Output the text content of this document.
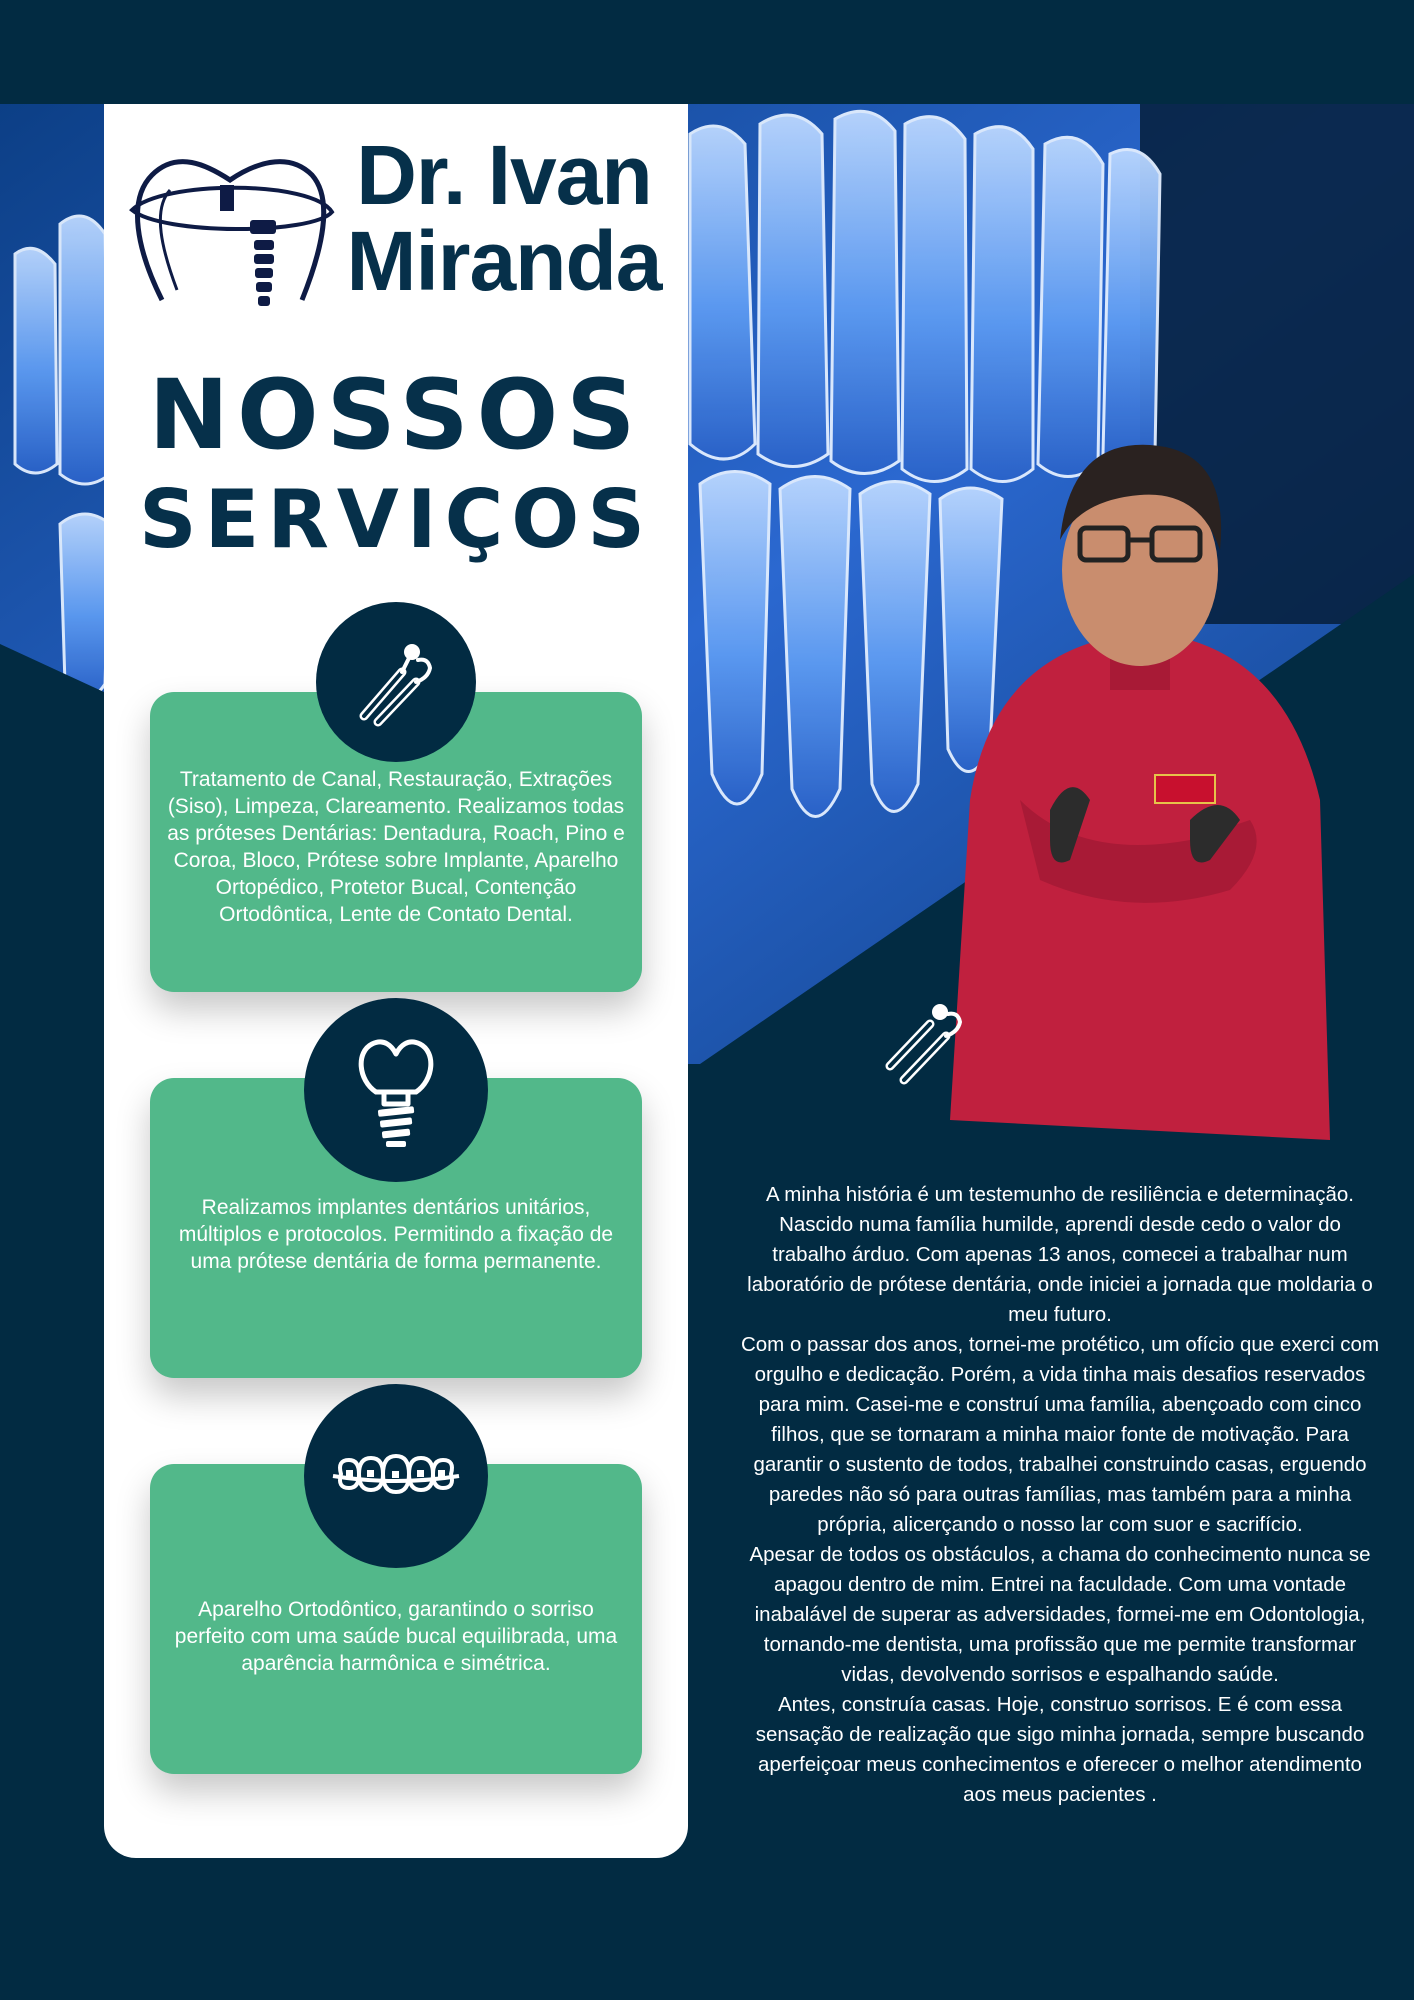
Dr. Ivan
Miranda
NOSSOS
SERVIÇOS
Tratamento de Canal, Restauração, Extrações (Siso), Limpeza, Clareamento. Realizamos todas as próteses Dentárias: Dentadura, Roach, Pino e Coroa, Bloco, Prótese sobre Implante, Aparelho Ortopédico, Protetor Bucal, Contenção Ortodôntica, Lente de Contato Dental.
Realizamos implantes dentários unitários, múltiplos e protocolos. Permitindo a fixação de uma prótese dentária de forma permanente.
Aparelho Ortodôntico, garantindo o sorriso perfeito com uma saúde bucal equilibrada, uma aparência harmônica e simétrica.

A minha história é um testemunho de resiliência e determinação. Nascido numa família humilde, aprendi desde cedo o valor do trabalho árduo. Com apenas 13 anos, comecei a trabalhar num laboratório de prótese dentária, onde iniciei a jornada que moldaria o meu futuro.

Com o passar dos anos, tornei-me protético, um ofício que exerci com orgulho e dedicação. Porém, a vida tinha mais desafios reservados para mim. Casei-me e construí uma família, abençoado com cinco filhos, que se tornaram a minha maior fonte de motivação. Para garantir o sustento de todos, trabalhei construindo casas, erguendo paredes não só para outras famílias, mas também para a minha própria, alicerçando o nosso lar com suor e sacrifício.

Apesar de todos os obstáculos, a chama do conhecimento nunca se apagou dentro de mim. Entrei na faculdade. Com uma vontade inabalável de superar as adversidades, formei-me em Odontologia, tornando-me dentista, uma profissão que me permite transformar vidas, devolvendo sorrisos e espalhando saúde.

Antes, construía casas. Hoje, construo sorrisos. E é com essa sensação de realização que sigo minha jornada, sempre buscando aperfeiçoar meus conhecimentos e oferecer o melhor atendimento aos meus pacientes .
